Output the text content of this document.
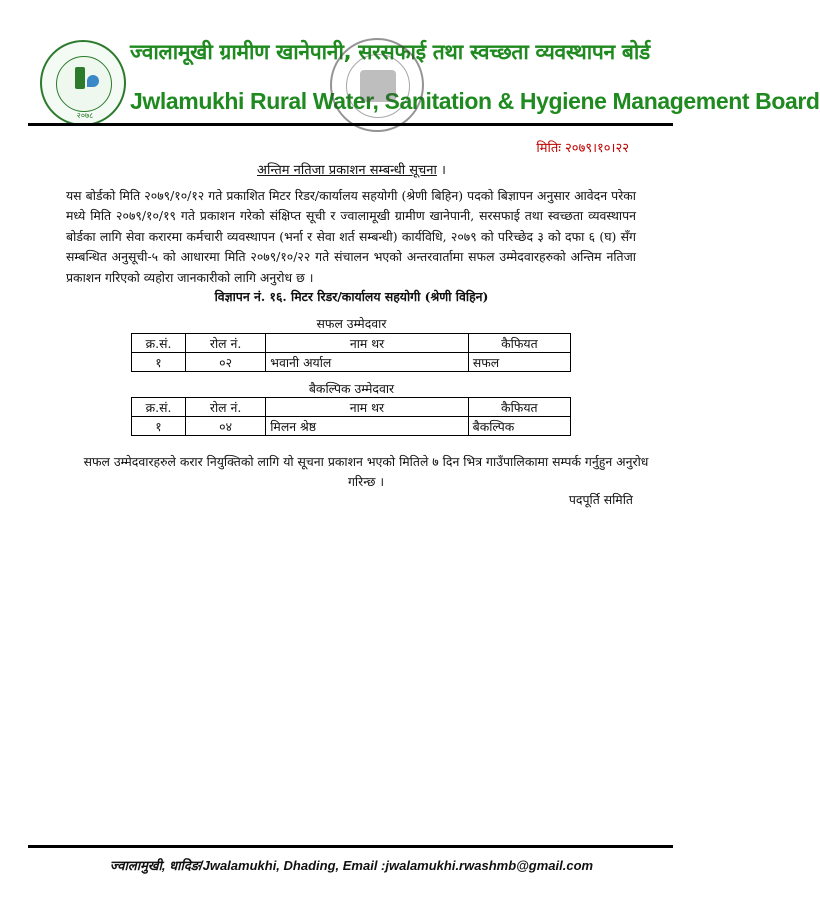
२०७८
ज्वालामूखी ग्रामीण खानेपानी, सरसफाई तथा स्वच्छता व्यवस्थापन बोर्ड
Jwlamukhi Rural Water, Sanitation & Hygiene Management Board
मितिः २०७९।१०।२२
अन्तिम नतिजा प्रकाशन सम्बन्धी सूचना ।
यस बोर्डको मिति २०७९/१०/१२ गते प्रकाशित मिटर रिडर/कार्यालय सहयोगी (श्रेणी बिहिन) पदको बिज्ञापन अनुसार आवेदन परेका मध्ये मिति २०७९/१०/१९ गते प्रकाशन गरेको संक्षिप्त सूची र ज्वालामूखी ग्रामीण खानेपानी, सरसफाई तथा स्वच्छता व्यवस्थापन बोर्डका लागि सेवा करारमा कर्मचारी व्यवस्थापन (भर्ना र सेवा शर्त सम्बन्धी) कार्यविधि, २०७९ को परिच्छेद ३ को दफा ६ (घ) सँग सम्बन्धित अनुसूची-५ को आधारमा मिति २०७९/१०/२२ गते संचालन भएको अन्तरवार्तामा सफल उम्मेदवारहरुको अन्तिम नतिजा प्रकाशन गरिएको व्यहोरा जानकारीको लागि अनुरोध छ ।
विज्ञापन नं. १६. मिटर रिडर/कार्यालय सहयोगी (श्रेणी विहिन)
सफल उम्मेदवार
क्र.सं.	रोल नं.	नाम थर	कैफियत
१	०२	भवानी अर्याल	सफल
बैकल्पिक उम्मेदवार
क्र.सं.	रोल नं.	नाम थर	कैफियत
१	०४	मिलन श्रेष्ठ	बैकल्पिक
सफल उम्मेदवारहरुले करार नियुक्तिको लागि यो सूचना प्रकाशन भएको मितिले ७ दिन भित्र गाउँपालिकामा सम्पर्क गर्नुहुन अनुरोध गरिन्छ ।
पदपूर्ति समिति
ज्वालामुखी, धादिङ/Jwalamukhi, Dhading, Email :jwalamukhi.rwashmb@gmail.com
